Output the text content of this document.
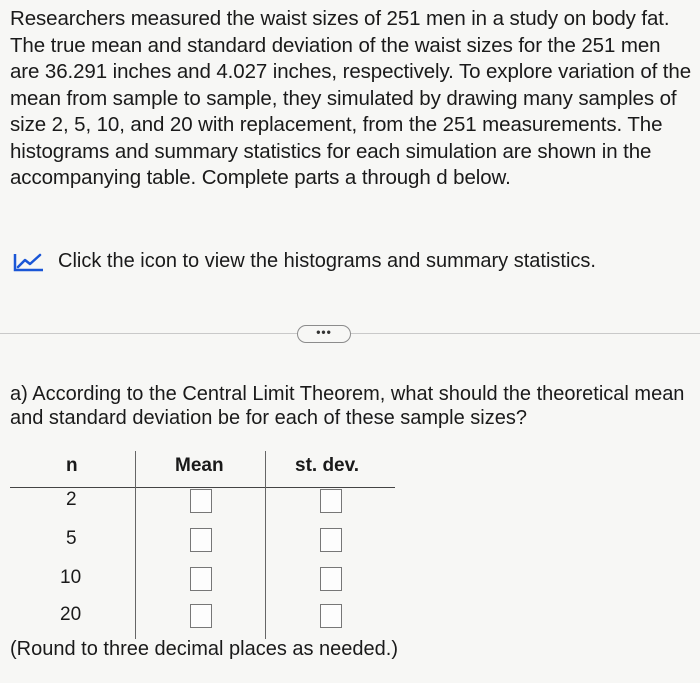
Researchers measured the waist sizes of 251 men in a study on body fat. The true mean and standard deviation of the waist sizes for the 251 men are 36.291 inches and 4.027 inches, respectively. To explore variation of the mean from sample to sample, they simulated by drawing many samples of size 2, 5, 10, and 20 with replacement, from the 251 measurements. The histograms and summary statistics for each simulation are shown in the accompanying table. Complete parts a through d below.
Click the icon to view the histograms and summary statistics.
•••
a) According to the Central Limit Theorem, what should the theoretical mean and standard deviation be for each of these sample sizes?
n	Mean	st. dev.
2
5
10
20
(Round to three decimal places as needed.)
